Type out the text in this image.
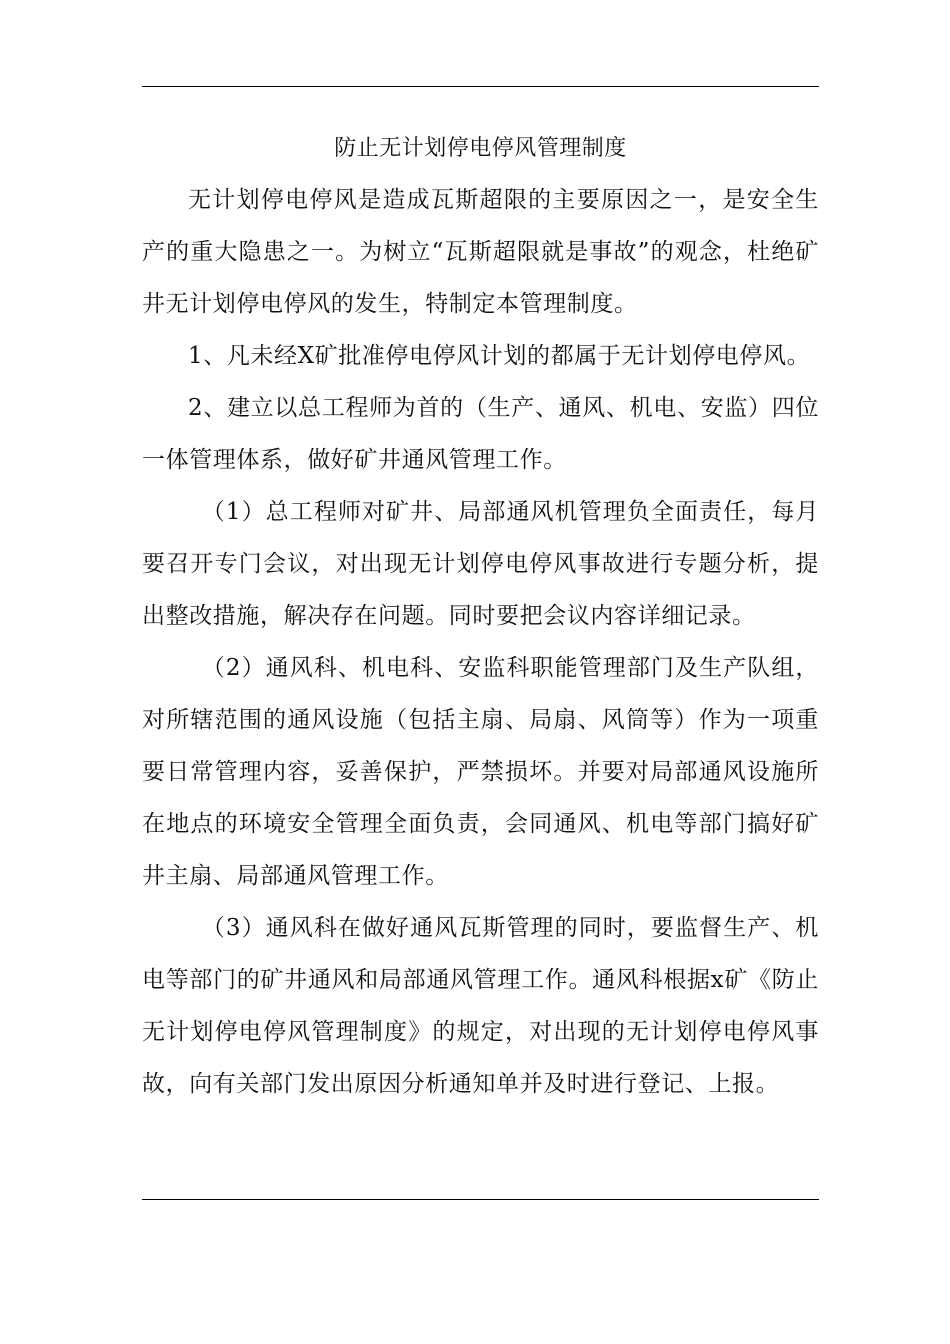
防止无计划停电停风管理制度

无计划停电停风是造成瓦斯超限的主要原因之一，是安全生产的重大隐患之一。为树立“瓦斯超限就是事故”的观念，杜绝矿井无计划停电停风的发生，特制定本管理制度。

1、凡未经X矿批准停电停风计划的都属于无计划停电停风。

2、建立以总工程师为首的（生产、通风、机电、安监）四位一体管理体系，做好矿井通风管理工作。

（1）总工程师对矿井、局部通风机管理负全面责任，每月要召开专门会议，对出现无计划停电停风事故进行专题分析，提出整改措施，解决存在问题。同时要把会议内容详细记录。

（2）通风科、机电科、安监科职能管理部门及生产队组，对所辖范围的通风设施（包括主扇、局扇、风筒等）作为一项重要日常管理内容，妥善保护，严禁损坏。并要对局部通风设施所在地点的环境安全管理全面负责，会同通风、机电等部门搞好矿井主扇、局部通风管理工作。

（3）通风科在做好通风瓦斯管理的同时，要监督生产、机电等部门的矿井通风和局部通风管理工作。通风科根据x矿《防止无计划停电停风管理制度》的规定，对出现的无计划停电停风事故，向有关部门发出原因分析通知单并及时进行登记、上报。
